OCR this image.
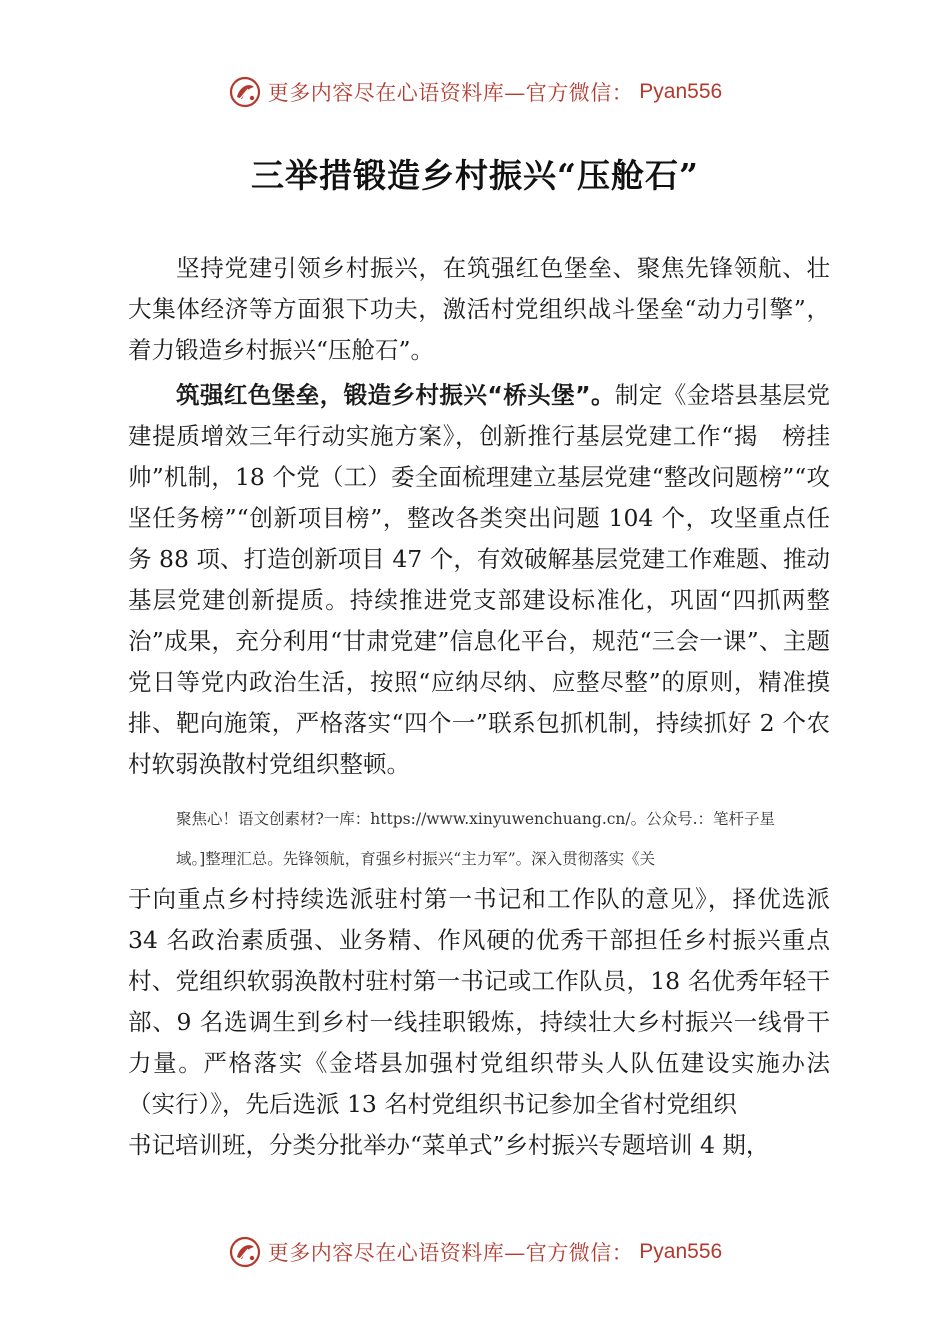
更多内容尽在心语资料库—官方微信： Pyan556
三举措锻造乡村振兴“压舱石”

坚持党建引领乡村振兴，在筑强红色堡垒、聚焦先锋领航、壮大集体经济等方面狠下功夫，激活村党组织战斗堡垒“动力引擎”，着力锻造乡村振兴“压舱石”。

筑强红色堡垒，锻造乡村振兴“桥头堡”。制定《金塔县基层党建提质增效三年行动实施方案》，创新推行基层党建工作“揭　榜挂帅”机制，18 个党（工）委全面梳理建立基层党建“整改问题榜”“攻坚任务榜”“创新项目榜”，整改各类突出问题 104 个，攻坚重点任务 88 项、打造创新项目 47 个，有效破解基层党建工作难题、推动基层党建创新提质。持续推进党支部建设标准化，巩固“四抓两整治”成果，充分利用“甘肃党建”信息化平台，规范“三会一课”、主题党日等党内政治生活，按照“应纳尽纳、应整尽整”的原则，精准摸排、靶向施策，严格落实“四个一”联系包抓机制，持续抓好 2 个农村软弱涣散村党组织整顿。

聚焦心！语文创素材?一库：https://www.xinyuwenchuang.cn/。公众号.：笔杆子星
域。]整理汇总。先锋领航，育强乡村振兴“主力军”。深入贯彻落实《关

于向重点乡村持续选派驻村第一书记和工作队的意见》，择优选派 34 名政治素质强、业务精、作风硬的优秀干部担任乡村振兴重点村、党组织软弱涣散村驻村第一书记或工作队员，18 名优秀年轻干部、9 名选调生到乡村一线挂职锻炼，持续壮大乡村振兴一线骨干力量。严格落实《金塔县加强村党组织带头人队伍建设实施办法（实行）》，先后选派 13 名村党组织书记参加全省村党组织

书记培训班，分类分批举办“菜单式”乡村振兴专题培训 4 期，

更多内容尽在心语资料库—官方微信： Pyan556
